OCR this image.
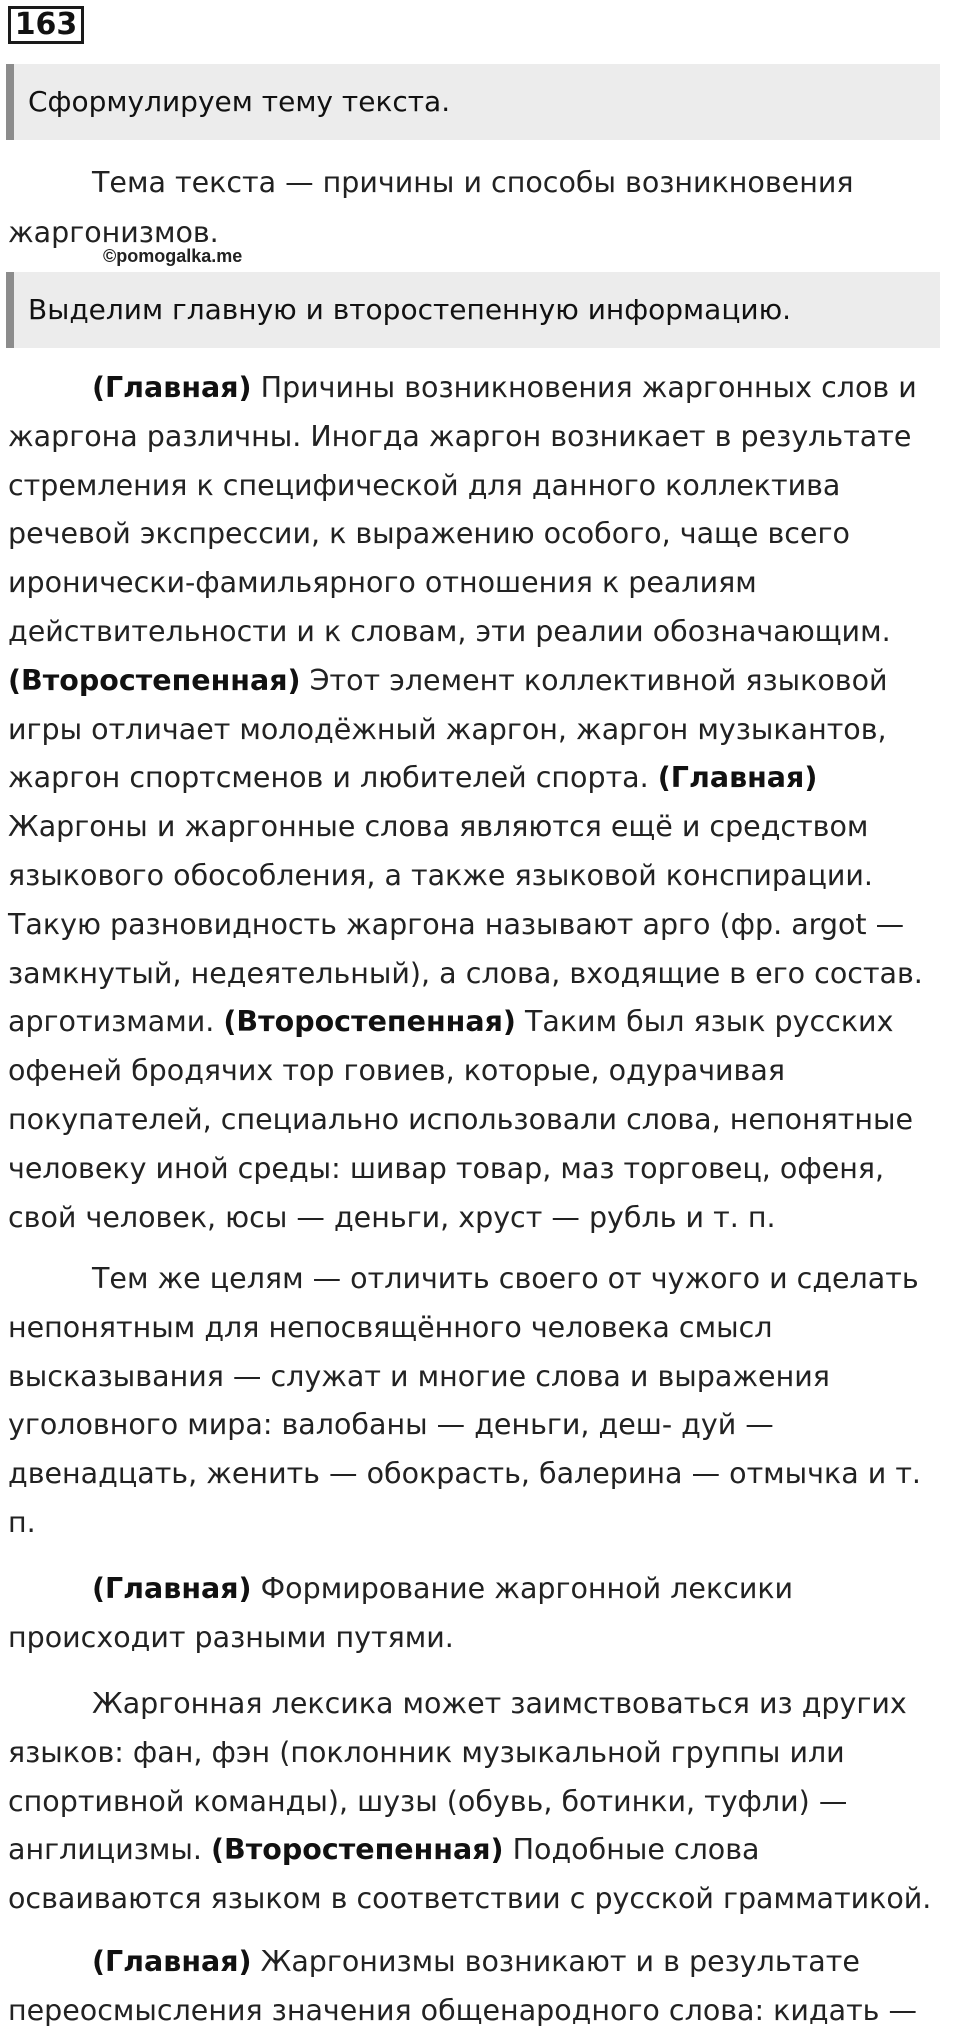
163
Сформулируем тему текста.

Тема текста — причины и способы возникновения жаргонизмов.

©pomogalka.me
Выделим главную и второстепенную информацию.

(Главная) Причины возникновения жаргонных слов и жаргона различны. Иногда жаргон возникает в результате стремления к специфической для данного коллектива речевой экспрессии, к выражению особого, чаще всего иронически-фамильярного отношения к реалиям действительности и к словам, эти реалии обозначающим. (Второстепенная) Этот элемент коллективной языковой игры отличает молодёжный жаргон, жаргон музыкантов, жаргон спортсменов и любителей спорта. (Главная) Жаргоны и жаргонные слова являются ещё и средством языкового обособления, а также языковой конспирации. Такую разновидность жаргона называют арго (фр. argot — замкнутый, недеятельный), а слова, входящие в его состав. арготизмами. (Второстепенная) Таким был язык русских офеней бродячих тор говиев, которые, одурачивая покупателей, специально использовали слова, непонятные человеку иной среды: шивар товар, маз торговец, офеня, свой человек, юсы — деньги, хруст — рубль и т. п.

Тем же целям — отличить своего от чужого и сделать непонятным для непосвящённого человека смысл высказывания — служат и многие слова и выражения уголовного мира: валобаны — деньги, деш- дуй — двенадцать, женить — обокрасть, балерина — отмычка и т. п.

(Главная) Формирование жаргонной лексики происходит разными путями.

Жаргонная лексика может заимствоваться из других языков: фан, фэн (поклонник музыкальной группы или спортивной команды), шузы (обувь, ботинки, туфли) — англицизмы. (Второстепенная) Подобные слова осваиваются языком в соответствии с русской грамматикой.

(Главная) Жаргонизмы возникают и в результате переосмысления значения общенародного слова: кидать —
